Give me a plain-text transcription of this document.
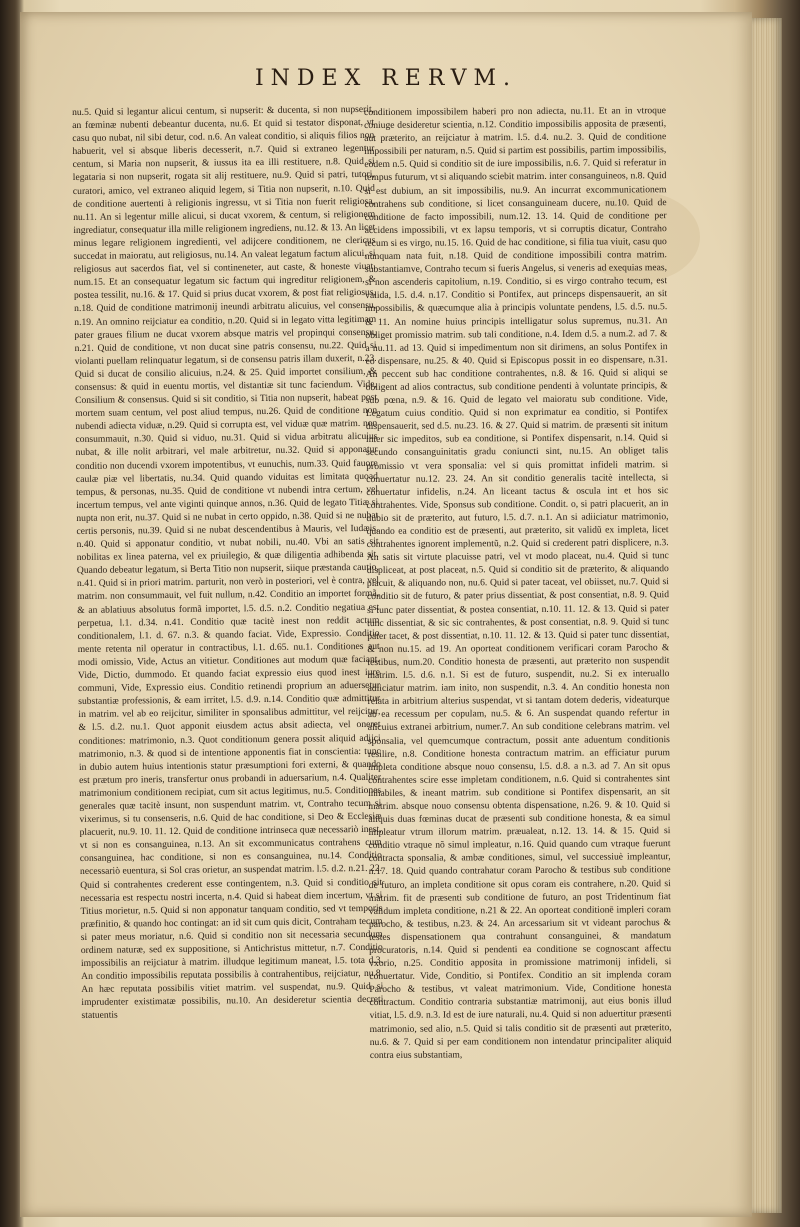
INDEX RERVM.

nu.5. Quid si legantur alicui centum, si nupserit: & ducenta, si non nupserit, an fœminæ nubenti debeantur ducenta, nu.6. Et quid si testator disponat, vt casu quo nubat, nil sibi detur, cod. n.6. An valeat conditio, si aliquis filios non habuerit, vel si absque liberis decesserit, n.7. Quid si extraneo legentur centum, si Maria non nupserit, & iussus ita ea illi restituere, n.8. Quid si legataria si non nupserit, rogata sit alij restituere, nu.9. Quid si patri, tutori, curatori, amico, vel extraneo aliquid legem, si Titia non nupserit, n.10. Quid de conditione auertenti à religionis ingressu, vt si Titia non fuerit religiosa, nu.11. An si legentur mille alicui, si ducat vxorem, & centum, si religionem ingrediatur, consequatur illa mille religionem ingrediens, nu.12. & 13. An licet minus legare religionem ingredienti, vel adijcere conditionem, ne clericus succedat in maioratu, aut religiosus, nu.14. An valeat legatum factum alicui, si religiosus aut sacerdos fiat, vel si contineneter, aut caste, & honeste viuat, num.15. Et an consequatur legatum sic factum qui ingreditur religionem, & postea tessilit, nu.16. & 17. Quid si prius ducat vxorem, & post fiat religiosus, n.18. Quid de conditione matrimonij ineundi arbitratu alicuius, vel consensu, n.19. An omnino reijciatur ea conditio, n.20. Quid si in legato vitta legitimam pater graues filium ne ducat vxorem absque matris vel propinqui consensu, n.21. Quid de conditione, vt non ducat sine patris consensu, nu.22. Quid si violanti puellam relinquatur legatum, si de consensu patris illam duxerit, n.23. Quid si ducat de consilio alicuius, n.24. & 25. Quid importet consilium, & consensus: & quid in euentu mortis, vel distantiæ sit tunc faciendum. Vide, Consilium & consensus. Quid si sit conditio, si Titia non nupserit, habeat post mortem suam centum, vel post aliud tempus, nu.26. Quid de conditione non nubendi adiecta viduæ, n.29. Quid si corrupta est, vel viduæ quæ matrim. non consummauit, n.30. Quid si viduo, nu.31. Quid si vidua arbitratu alicuius nubat, & ille nolit arbitrari, vel male arbitretur, nu.32. Quid si apponatur conditio non ducendi vxorem impotentibus, vt eunuchis, num.33. Quid fauore caulæ piæ vel libertatis, nu.34. Quid quando viduitas est limitata quoad tempus, & personas, nu.35. Quid de conditione vt nubendi intra certum, vel incertum tempus, vel ante viginti quinque annos, n.36. Quid de legato Titiæ si nupta non erit, nu.37. Quid si ne nubat in certo oppido, n.38. Quid si ne nubat certis personis, nu.39. Quid si ne nubat descendentibus à Mauris, vel Iudæis, n.40. Quid si apponatur conditio, vt nubat nobili, nu.40. Vbi an satis sit nobilitas ex linea paterna, vel ex priuilegio, & quæ diligentia adhibenda sit. Quando debeatur legatum, si Berta Titio non nupserit, siique præstanda cautio, n.41. Quid si in priori matrim. parturit, non verò in posteriori, vel è contra, vel matrim. non consummauit, vel fuit nullum, n.42. Conditio an importet formã, & an ablatiuus absolutus formã importet, l.5. d.5. n.2. Conditio negatiua est perpetua, l.1. d.34. n.41. Conditio quæ tacitè inest non reddit actum conditionalem, l.1. d. 67. n.3. & quando faciat. Vide, Expressio. Conditio mente retenta nil operatur in contractibus, l.1. d.65. nu.1. Conditiones aut modi omissio, Vide, Actus an vitietur. Conditiones aut modum quæ faciant. Vide, Dictio, dummodo. Et quando faciat expressio eius quod inest iure communi, Vide, Expressio eius. Conditio retinendi proprium an aduersetur substantiæ professionis, & eam irritet, l.5. d.9. n.14. Conditio quæ admittitur in matrim. vel ab eo reijcitur, similiter in sponsalibus admittitur, vel reijcitur, & l.5. d.2. nu.1. Quot apponit eiusdem actus absit adiecta, vel oneret conditiones: matrimonio, n.3. Quot conditionum genera possit aliquid adijci matrimonio, n.3. & quod si de intentione apponentis fiat in conscientia: tunc in dubio autem huius intentionis statur præsumptioni fori externi, & quando est prætum pro ineris, transfertur onus probandi in aduersarium, n.4. Qualiter matrimonium conditionem recipiat, cum sit actus legitimus, nu.5. Conditiones generales quæ tacitè insunt, non suspendunt matrim. vt, Contraho tecum si vixerimus, si tu consenseris, n.6. Quid de hac conditione, si Deo & Ecclesiæ placuerit, nu.9. 10. 11. 12. Quid de conditione intrinseca quæ necessariò inest, vt si non es consanguinea, n.13. An sit excommunicatus contrahens cum consanguinea, hac conditione, si non es consanguinea, nu.14. Conditio necessariò euentura, si Sol cras orietur, an suspendat matrim. l.5. d.2. n.21. 22. Quid si contrahentes crederent esse contingentem, n.3. Quid si conditio sit necessaria est respectu nostri incerta, n.4. Quid si habeat diem incertum, vt si Titius morietur, n.5. Quid si non apponatur tanquam conditio, sed vt temporis præfinitio, & quando hoc contingat: an id sit cum quis dicit, Contraham tecum si pater meus moriatur, n.6. Quid si conditio non sit necessaria secundum ordinem naturæ, sed ex suppositione, si Antichristus mittetur, n.7. Conditio impossibilis an reijciatur à matrim. illudque legitimum maneat, l.5. tota d.3. An conditio impossibilis reputata possibilis à contrahentibus, reijciatur, nu.8. An hæc reputata possibilis vitiet matrim. vel suspendat, nu.9. Quid si imprudenter existimatæ possibilis, nu.10. An desideretur scientia decreti statuentis

conditionem impossibilem haberi pro non adiecta, nu.11. Et an in vtroque coniuge desideretur scientia, n.12. Conditio impossibilis apposita de præsenti, aut præterito, an reijciatur à matrim. l.5. d.4. nu.2. 3. Quid de conditione impossibili per naturam, n.5. Quid si partim est possibilis, partim impossibilis, eodem n.5. Quid si conditio sit de iure impossibilis, n.6. 7. Quid si referatur in tempus futurum, vt si aliquando sciebit matrim. inter consanguineos, n.8. Quid si est dubium, an sit impossibilis, nu.9. An incurrat excommunicationem contrahens sub conditione, si licet consanguineam ducere, nu.10. Quid de conditione de facto impossibili, num.12. 13. 14. Quid de conditione per accidens impossibili, vt ex lapsu temporis, vt si corruptis dicatur, Contraho tecum si es virgo, nu.15. 16. Quid de hac conditione, si filia tua viuit, casu quo nunquam nata fuit, n.18. Quid de conditione impossibili contra matrim. substantiamve, Contraho tecum si fueris Angelus, si veneris ad exequias meas, si non ascenderis capitolium, n.19. Conditio, si es virgo contraho tecum, est valida, l.5. d.4. n.17. Conditio si Pontifex, aut princeps dispensauerit, an sit impossibilis, & quæcumque alia à principis voluntate pendens, l.5. d.5. nu.5. & 11. An nomine huius principis intelligatur solus supremus, nu.31. An obliget promissio matrim. sub tali conditione, n.4. Idem d.5. a num.2. ad 7. & a nu.11. ad 13. Quid si impedimentum non sit dirimens, an solus Pontifex in eo dispensare, nu.25. & 40. Quid si Episcopus possit in eo dispensare, n.31. An peccent sub hac conditione contrahentes, n.8. & 16. Quid si aliqui se obligent ad alios contractus, sub conditione pendenti à voluntate principis, & sub pœna, n.9. & 16. Quid de legato vel maioratu sub conditione. Vide, Legatum cuius conditio. Quid si non exprimatur ea conditio, si Pontifex dispensauerit, sed d.5. nu.23. 16. & 27. Quid si matrim. de præsenti sit initum inter sic impeditos, sub ea conditione, si Pontifex dispensarit, n.14. Quid si secundo consanguinitatis gradu coniuncti sint, nu.15. An obliget talis promissio vt vera sponsalia: vel si quis promittat infideli matrim. si conuertatur nu.12. 23. 24. An sit conditio generalis tacitè intellecta, si conuertatur infidelis, n.24. An liceant tactus & oscula int et hos sic contrahentes. Vide, Sponsus sub conditione. Condit. o, si patri placuerit, an in dubio sit de præterito, aut futuro, l.5. d.7. n.1. An si adiiciatur matrimonio, quando ea conditio est de præsenti, aut præterito, sit validũ ex impleta, licet contrahentes ignorent implementũ, n.2. Quid si crederent patri displicere, n.3. An satis sit virtute placuisse patri, vel vt modo placeat, nu.4. Quid si tunc displiceat, at post placeat, n.5. Quid si conditio sit de præterito, & aliquando placuit, & aliquando non, nu.6. Quid si pater taceat, vel obiisset, nu.7. Quid si conditio sit de futuro, & pater prius dissentiat, & post consentiat, n.8. 9. Quid si tunc pater dissentiat, & postea consentiat, n.10. 11. 12. & 13. Quid si pater tunc dissentiat, & sic sic contrahentes, & post consentiat, n.8. 9. Quid si tunc pater tacet, & post dissentiat, n.10. 11. 12. & 13. Quid si pater tunc dissentiat, & non nu.15. ad 19. An oporteat conditionem verificari coram Parocho & testibus, num.20. Conditio honesta de præsenti, aut præterito non suspendit matrim. l.5. d.6. n.1. Si est de futuro, suspendit, nu.2. Si ex interuallo adiiciatur matrim. iam inito, non suspendit, n.3. 4. An conditio honesta non relata in arbitrium alterius suspendat, vt si tantam dotem dederis, videaturque ab ea recessum per copulam, nu.5. & 6. An suspendat quando refertur in alicuius extranei arbitrium, numer.7. An sub conditione celebrans matrim. vel sponsalia, vel quemcumque contractum, possit ante aduentum conditionis resilire, n.8. Conditione honesta contractum matrim. an efficiatur purum impleta conditione absque nouo consensu, l.5. d.8. a n.3. ad 7. An sit opus contrahentes scire esse impletam conditionem, n.6. Quid si contrahentes sint inhabiles, & ineant matrim. sub conditione si Pontifex dispensarit, an sit matrim. absque nouo consensu obtenta dispensatione, n.26. 9. & 10. Quid si aliquis duas fœminas ducat de præsenti sub conditione honesta, & ea simul impleatur vtrum illorum matrim. præualeat, n.12. 13. 14. & 15. Quid si conditio vtraque nõ simul impleatur, n.16. Quid quando cum vtraque fuerunt contracta sponsalia, & ambæ conditiones, simul, vel successiuè impleantur, n.17. 18. Quid quando contrahatur coram Parocho & testibus sub conditione de futuro, an impleta conditione sit opus coram eis contrahere, n.20. Quid si matrim. fit de præsenti sub conditione de futuro, an post Tridentinum fiat validum impleta conditione, n.21 & 22. An oporteat conditionē impleri coram parocho, & testibus, n.23. & 24. An arcessarium sit vt videant parochus & testes dispensationem qua contrahunt consanguinei, & mandatum procuratoris, n.14. Quid si pendenti ea conditione se cognoscant affectu vxorio, n.25. Conditio apposita in promissione matrimonij infideli, si conuertatur. Vide, Conditio, si Pontifex. Conditio an sit implenda coram Parocho & testibus, vt valeat matrimonium. Vide, Conditione honesta contractum. Conditio contraria substantiæ matrimonij, aut eius bonis illud vitiat, l.5. d.9. n.3. Id est de iure naturali, nu.4. Quid si non aduertitur præsenti matrimonio, sed alio, n.5. Quid si talis conditio sit de præsenti aut præterito, nu.6. & 7. Quid si per eam conditionem non intendatur principaliter aliquid contra eius substantiam,
